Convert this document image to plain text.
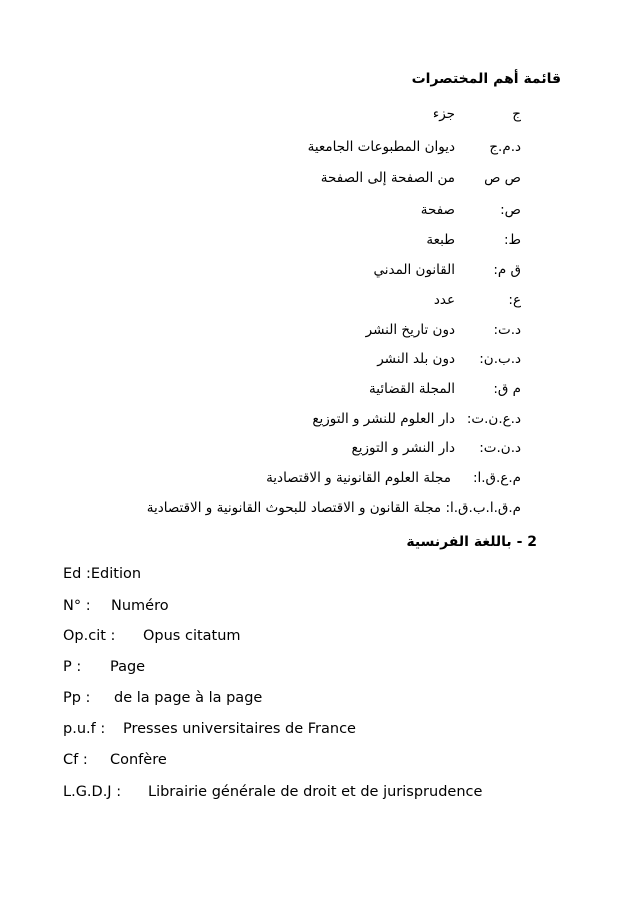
قائمة أهم المختصرات
ججزء
د.م.جديوان المطبوعات الجامعية
ص صمن الصفحة إلى الصفحة
ص:صفحة
ط:طبعة
ق م:القانون المدني
ع:عدد
د.ت:دون تاريخ النشر
د.ب.ن:دون بلد النشر
م ق:المجلة القضائية
د.ع.ن.ت:دار العلوم للنشر و التوزيع
د.ن.ت:دار النشر و التوزيع
م.ع.ق.ا:مجلة العلوم القانونية و الاقتصادية
م.ق.ا.ب.ق.ا: مجلة القانون و الاقتصاد للبحوث القانونية و الاقتصادية
2 - باللغة الفرنسية
Ed :Edition
N° : Numéro
Op.cit : Opus citatum
P : Page
Pp : de la page à la page
p.u.f : Presses universitaires de France
Cf : Confère
L.G.D.J : Librairie générale de droit et de jurisprudence
